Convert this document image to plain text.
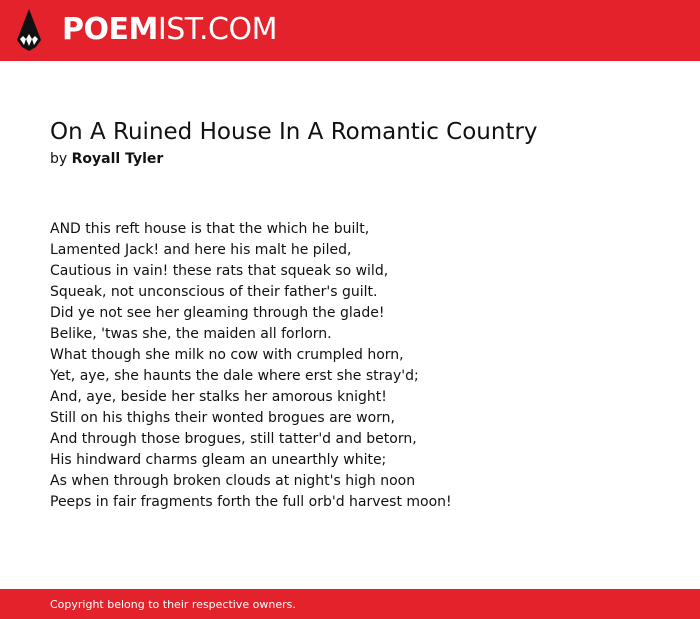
POEMIST.COM
On A Ruined House In A Romantic Country
by Royall Tyler
AND this reft house is that the which he built,
Lamented Jack! and here his malt he piled,
Cautious in vain! these rats that squeak so wild,
Squeak, not unconscious of their father's guilt.
Did ye not see her gleaming through the glade!
Belike, 'twas she, the maiden all forlorn.
What though she milk no cow with crumpled horn,
Yet, aye, she haunts the dale where erst she stray'd;
And, aye, beside her stalks her amorous knight!
Still on his thighs their wonted brogues are worn,
And through those brogues, still tatter'd and betorn,
His hindward charms gleam an unearthly white;
As when through broken clouds at night's high noon
Peeps in fair fragments forth the full orb'd harvest moon!
Copyright belong to their respective owners.
